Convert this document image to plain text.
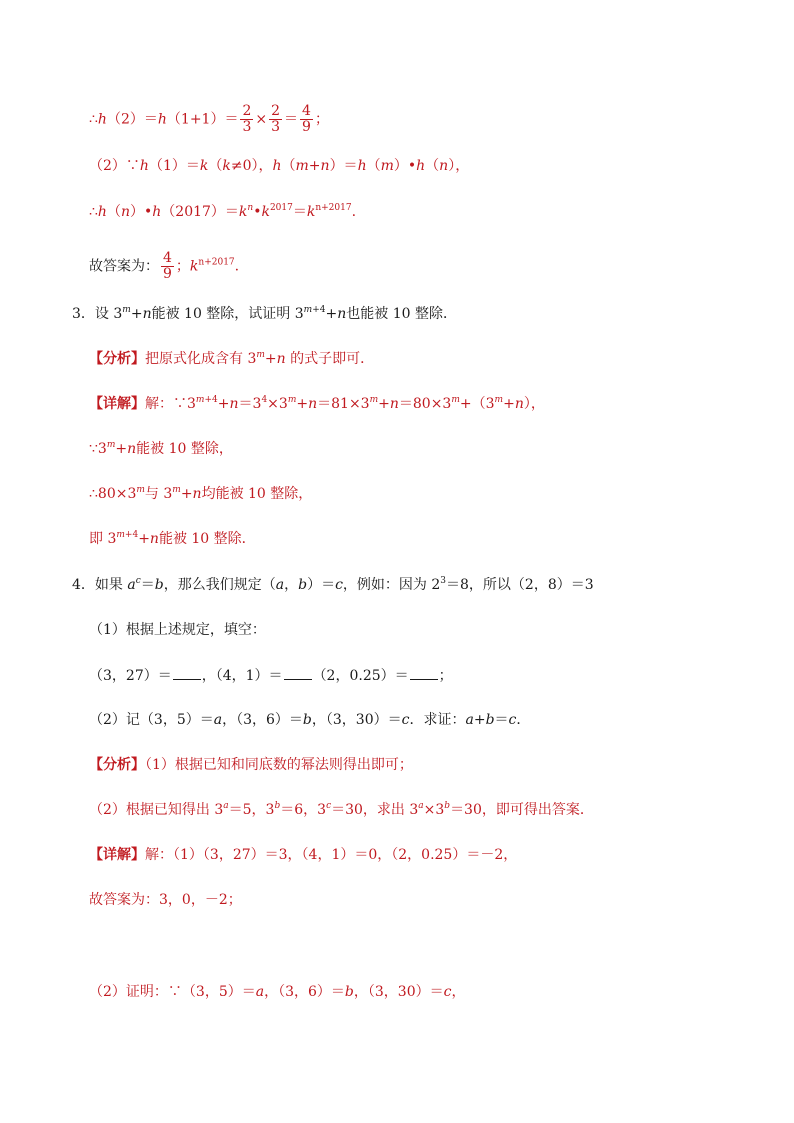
∴h（2）＝h（1+1）＝ $\frac{2}{3} \times \frac{2}{3} = \frac{4}{9}$ ；
（2）∵h（1）＝k（k≠0），h（m+n）＝h（m）•h（n），
$\therefore h(n)•h(2017)=k^n•k^{2017}=k^{n+2017}$.
故答案为： $\frac{4}{9}$ ；$k^{n+2017}$.
3．设 $3^m+n$能被 10 整除，试证明 $3^{m+4}+n$也能被 10 整除．
【分析】把原式化成含有 $3^m+n$ 的式子即可．
【详解】解：$\because 3^{m+4}+n=3^4\times 3^m+n=81\times 3^m+n=80\times 3^m+(3^m+n)$，
$\because 3^m+n$能被 10 整除，
$\therefore 80\times 3^m$与 $3^m+n$均能被 10 整除，
即 $3^{m+4}+n$能被 10 整除．
4．如果 $a^c=b$，那么我们规定（a，b）＝c，例如：因为 $2^3=8$，所以（2，8）＝3
（1）根据上述规定，填空：
（3，27）＝ ，（4，1）＝ （2，0.25）＝ ；
（2）记（3，5）＝a，（3，6）＝b，（3，30）＝c．求证：a+b＝c．
【分析】（1）根据已知和同底数的幂法则得出即可；
（2）根据已知得出 $3^a=5$，$3^b=6$，$3^c=30$，求出 $3^a\times 3^b=30$，即可得出答案．
【详解】解：（1）（3，27）＝3，（4，1）＝0，（2，0.25）＝－2，
故答案为：3，0，－2；
（2）证明：∵（3，5）＝a，（3，6）＝b，（3，30）＝c，
